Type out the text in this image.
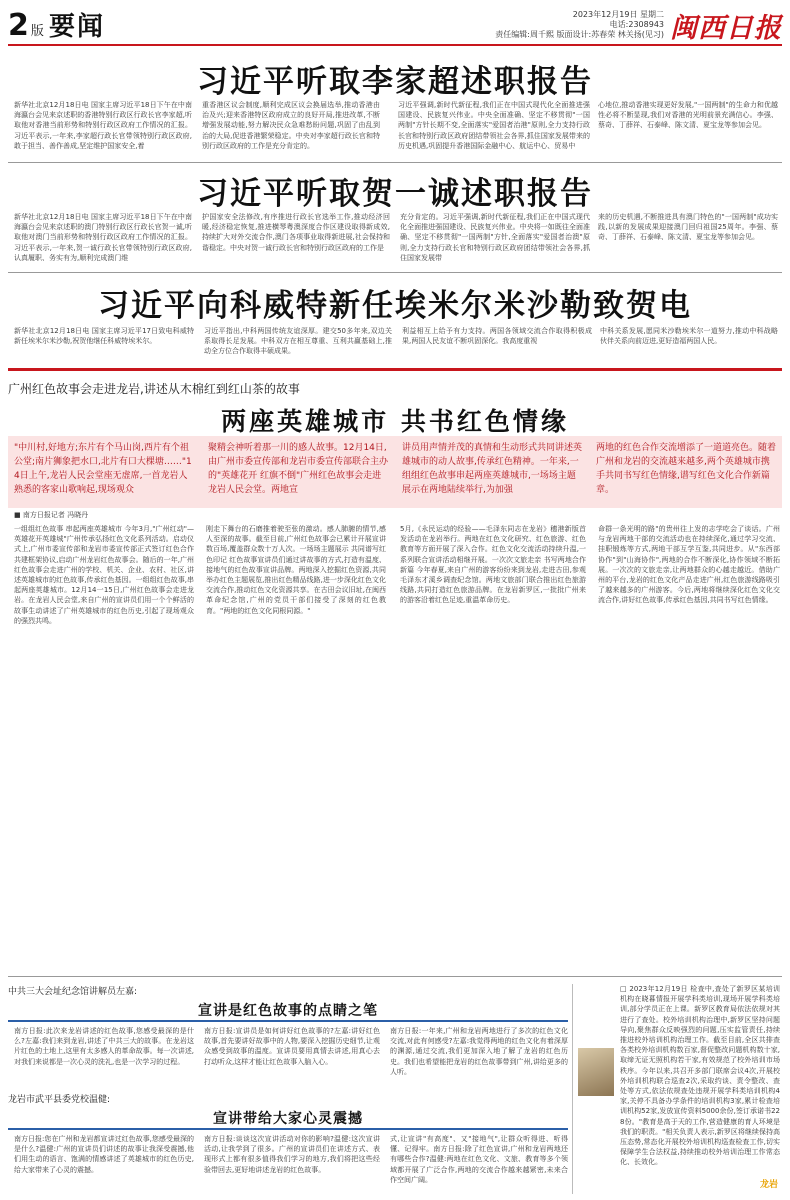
2 版 要闻	2023年12月19日 星期二
电话:2308943
责任编辑:周千熙 版面设计:苏春荣 林关扬(见习) 闽西日报
习近平听取李家超述职报告
新华社北京12月18日电 国家主席习近平18日下午在中南海瀛台会见来京述职的香港特别行政区行政长官李家超,听取他对香港当前形势和特别行政区政府工作情况的汇报。习近平表示,一年来,李家超行政长官带领特别行政区政府,敢于担当、善作善成,坚定维护国家安全,着
重香港区议会制度,顺利完成区议会换届选举,推动香港由治及兴;迎来香港特区政府成立的良好开局,推进改革,不断增强发展动能,努力解决民众急难愁盼问题,巩固了由乱到治的大局,促进香港繁荣稳定。中央对李家超行政长官和特别行政区政府的工作是充分肯定的。
习近平强调,新时代新征程,我们正在中国式现代化全面推进强国建设、民族复兴伟业。中央全面准确、坚定不移贯彻"一国两制"方针长期不变,全面落实"爱国者治港"原则,全力支持行政长官和特别行政区政府团结带领社会各界,抓住国家发展带来的历史机遇,巩固提升香港国际金融中心、航运中心、贸易中
心地位,推动香港实现更好发展,"一国两制"的生命力和优越性必将不断显现,我们对香港的光明前景充满信心。李强、蔡奇、丁薛祥、石泰峰、陈文清、夏宝龙等参加会见。
习近平听取贺一诚述职报告
新华社北京12月18日电 国家主席习近平18日下午在中南海瀛台会见来京述职的澳门特别行政区行政长官贺一诚,听取他对澳门当前形势和特别行政区政府工作情况的汇报。习近平表示,一年来,贺一诚行政长官带领特别行政区政府,认真履职、务实有为,顺利完成澳门维
护国家安全法修改,有序推进行政长官选举工作,推动经济回暖,经济稳定恢复,推进横琴粤澳深度合作区建设取得新成效,持续扩大对外交流合作,澳门各项事业取得新进展,社会保持和谐稳定。中央对贺一诚行政长官和特别行政区政府的工作是
充分肯定的。习近平强调,新时代新征程,我们正在中国式现代化全面推进强国建设、民族复兴伟业。中央将一如既往全面准确、坚定不移贯彻"一国两制"方针,全面落实"爱国者治澳"原则,全力支持行政长官和特别行政区政府团结带领社会各界,抓住国家发展带
来的历史机遇,不断推进具有澳门特色的"一国两制"成功实践,以新的发展成果迎接澳门回归祖国25周年。李强、蔡奇、丁薛祥、石泰峰、陈文清、夏宝龙等参加会见。
习近平向科威特新任埃米尔米沙勒致贺电
新华社北京12月18日电 国家主席习近平17日致电科威特新任埃米尔米沙勒,祝贺他继任科威特埃米尔。
习近平指出,中科两国传统友谊深厚。建交50多年来,双边关系取得长足发展。中科双方在相互尊重、互利共赢基础上,推动全方位合作取得丰硕成果。
利益相互上给予有力支持。两国各领域交流合作取得积极成果,两国人民友谊不断巩固深化。我高度重视
中科关系发展,愿同米沙勒埃米尔一道努力,推动中科战略伙伴关系向前迈进,更好造福两国人民。
广州红色故事会走进龙岩,讲述从木棉红到红山茶的故事
两座英雄城市 共书红色情缘
"中川村,好地方;东片有个马山岗,西片有个祖公堂;南片狮象把水口,北片有口大棵塘……"14日上午,龙岩人民会堂座无虚席,一首龙岩人熟悉的客家山歌响起,现场观众
聚精会神听着那一川的感人故事。12月14日,由广州市委宣传部和龙岩市委宣传部联合主办的"英雄花开 红旗不倒"广州红色故事会走进龙岩人民会堂。两地宣
讲员用声情并茂的真情和生动形式共同讲述英雄城市的动人故事,传承红色精神。一年来,一组组红色故事串起两座英雄城市,一场场主题展示在两地陆续举行,为加强
两地的红色合作交流增添了一道道亮色。随着广州和龙岩的交流越来越多,两个英雄城市携手共同书写红色情缘,谱写红色文化合作新篇章。
■ 南方日报记者 冯晓丹
一组组红色故事 串起两座英雄城市 今年3月,"广州红动"—英雄花开英雄城"广州传承弘扬红色文化系列活动。启动仪式上,广州市委宣传部和龙岩市委宣传部正式签订红色合作共建框架协议,启动广州龙岩红色故事会。随后的一年,广州红色故事会走进广州的学校、机关、企业、农村、社区,讲述英雄城市的红色故事,传承红色基因。一组组红色故事,串起两座英雄城市。12月14一15日,广州红色故事会走进龙岩。在龙岩人民会堂,来自广州的宣讲员们用一个个鲜活的故事生动讲述了广州英雄城市的红色历史,引起了现场观众的强烈共鸣。
刚走下舞台的石磨推着驶至张的激动。感人肺腑的情节,感人至深的故事。截至目前,广州红色故事会已累计开展宣讲数百场,覆盖群众数十万人次。一场场主题展示 共同谱写红色印记 红色故事宣讲员们通过讲故事的方式,打造有温度、接地气的红色故事宣讲品牌。两地深入挖掘红色资源,共同举办红色主题展览,推出红色精品线路,进一步深化红色文化交流合作,推动红色文化资源共享。在古田会议旧址,在闽西革命纪念馆,广州的党员干部们接受了深刻的红色教育。"两地的红色文化同根同源。"
5月,《永民运动的经验——毛泽东同志在龙岩》穗港新版首发活动在龙岩举行。两地在红色文化研究、红色旅游、红色教育等方面开展了深入合作。红色文化交流活动持续升温,一系列联合宣讲活动相继开展。一次次文旅走亲 书写两地合作新篇 今年春夏,来自广州的游客纷纷来到龙岩,走进古田,参观毛泽东才溪乡调查纪念馆。两地文旅部门联合推出红色旅游线路,共同打造红色旅游品牌。在龙岩新罗区,一批批广州来的游客沿着红色足迹,重温革命历史。
命群一条光明的路"的贵州往上发的志学吃会了谈话。广州与龙岩两地干部的交流活动也在持续深化,通过学习交流、挂职锻炼等方式,两地干部互学互鉴,共同进步。从"东西部协作"到"山海协作",两地的合作不断深化,协作领域不断拓展。一次次的文旅走亲,让两地群众的心越走越近。借助广州的平台,龙岩的红色文化产品走进广州,红色旅游线路吸引了越来越多的广州游客。今后,两地将继续深化红色文化交流合作,讲好红色故事,传承红色基因,共同书写红色情缘。
中共三大会址纪念馆讲解员左嘉:
宣讲是红色故事的点睛之笔
南方日报:此次来龙岩讲述的红色故事,您感受最深的是什么?左嘉:我们来到龙岩,讲述了中共三大的故事。在龙岩这片红色的土地上,这里有太多感人的革命故事。每一次讲述,对我们来说都是一次心灵的洗礼,也是一次学习的过程。
南方日报:宣讲员是如何讲好红色故事的?左嘉:讲好红色故事,首先要讲好故事中的人物,要深入挖掘历史细节,让观众感受到故事的温度。宣讲员要用真情去讲述,用真心去打动听众,这样才能让红色故事入脑入心。
南方日报:一年来,广州和龙岩两地进行了多次的红色文化交流,对此有何感受?左嘉:我觉得两地的红色文化有着深厚的渊源,通过交流,我们更加深入地了解了龙岩的红色历史。我们也希望能把龙岩的红色故事带到广州,讲给更多的人听。
龙岩市武平县委党校温健:
宣讲带给大家心灵震撼
南方日报:您在广州和龙岩都宣讲过红色故事,您感受最深的是什么?温健:广州的宣讲员们讲述的故事让我深受震撼,他们用生动的语言、饱满的情感讲述了英雄城市的红色历史,给大家带来了心灵的震撼。
南方日报:谈谈这次宣讲活动对你的影响?温健:这次宣讲活动,让我学到了很多。广州的宣讲员们在讲述方式、表现形式上都有很多值得我们学习的地方,我们将把这些经验带回去,更好地讲述龙岩的红色故事。
式,让宣讲"有高度"、又"接地气",让群众听得进、听得懂、记得牢。南方日报:除了红色宣讲,广州和龙岩两地还有哪些合作?温健:两地在红色文化、文旅、教育等多个领域都开展了广泛合作,两地的交流合作越来越紧密,未来合作空间广阔。
□ 2023年12月19日 检查中,查处了新罗区某培训机构在晓暮情报开展学科类培训,现场开展学科类培训,部分学员正在上课。新罗区教育局依法依规对其进行了查处。校外培训机构治理中,新罗区坚持问题导向,聚焦群众反映强烈的问题,压实监管责任,持续推进校外培训机构治理工作。截至目前,全区共排查各类校外培训机构数百家,督促整改问题机构数十家,取缔无证无照机构若干家,有效规范了校外培训市场秩序。今年以来,共召开多部门联席会议4次,开展校外培训机构联合巡查2次,采取约谈、责令整改、查处等方式,依法依规查处违规开展学科类培训机构4家,关停不具备办学条件的培训机构3家,累计检查培训机构52家,发放宣传资料5000余份,签订承诺书228份。"教育是高于天的工作,营造健康的育人环境是我们的职责。"相关负责人表示,新罗区将继续保持高压态势,常态化开展校外培训机构巡查检查工作,切实保障学生合法权益,持续推动校外培训治理工作常态化、长效化。
龙岩
